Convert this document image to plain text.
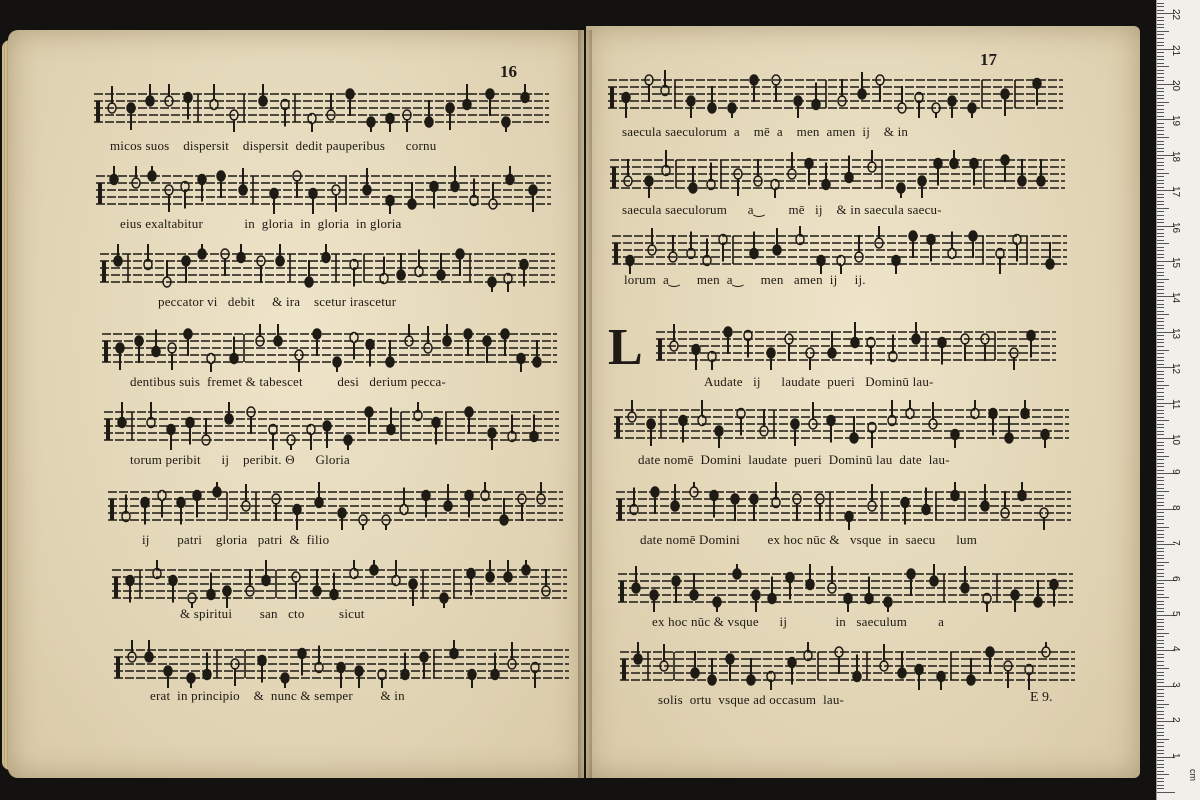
16
17
micos suos    dispersit    dispersit  dedit pauperibus      cornu
eius exaltabitur            in  gloria  in  gloria  in gloria
peccator vi   debit     & ira    scetur irascetur
dentibus suis  fremet & tabescet          desi   derium pecca-
torum peribit      ij    peribit. Θ      Gloria
ij        patri    gloria   patri  &  filio
& spiritui        san   cto          sicut
erat  in principio    &  nunc & semper        & in
L
saecula saeculorum  a    mē  a    men  amen  ij    & in
saecula saeculorum      a‿       mē   ij    & in saecula saecu-
lorum  a‿     men  a‿     men   amen  ij     ij.
Audate   ij      laudate  pueri   Dominū lau-
date nomē  Domini  laudate  pueri  Dominū lau  date  lau-
date nomē Domini        ex hoc nūc &   vsque  in  saecu      lum
ex hoc nūc & vsque      ij              in   saeculum         a
solis  ortu  vsque ad occasum  lau-	E 9.
cm
1
2
3
4
5
6
7
8
9
10
11
12
13
14
15
16
17
18
19
20
21
22
